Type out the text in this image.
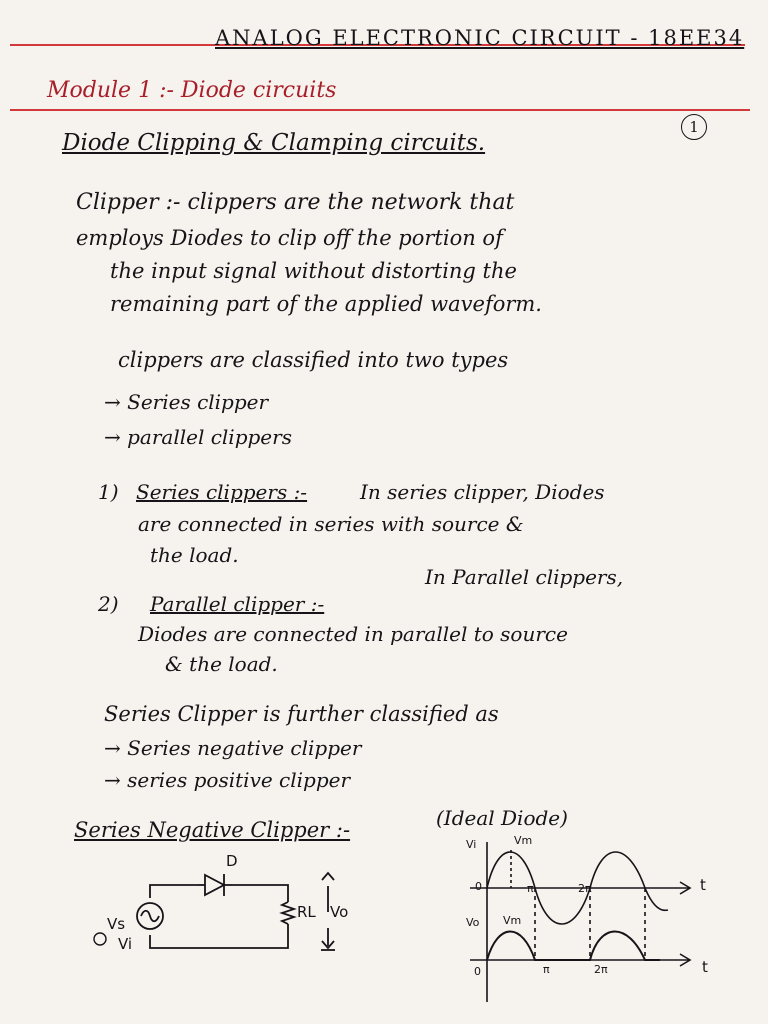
ANALOG ELECTRONIC CIRCUIT - 18EE34
Module 1 :- Diode circuits
Diode Clipping & Clamping circuits.
1
Clipper :- clippers are the network that
employs Diodes to clip off the portion of
the input signal without distorting the
remaining part of the applied waveform.
clippers are classified into two types
→ Series clipper
→ parallel clippers
1) Series clippers :-	In series clipper, Diodes
are connected in series with source &
the load.
2) Parallel clipper :-
In Parallel clippers,
Diodes are connected in parallel to source
& the load.
Series Clipper is further classified as
→ Series negative clipper
→ series positive clipper
Series Negative Clipper :-	(Ideal Diode)
D
RL Vo
Vs
Vi
Vi	Vm
0	π	2π	t
Vo Vm
0	π	2π	t
